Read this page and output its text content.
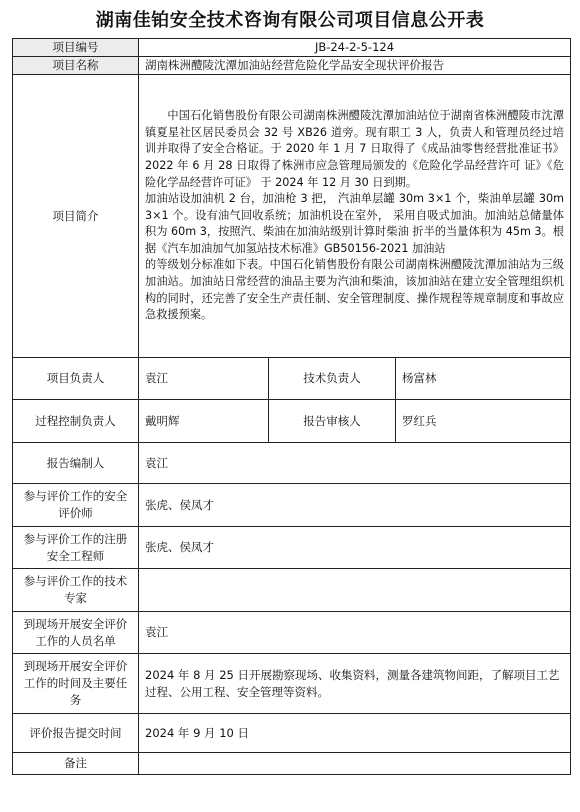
湖南佳铂安全技术咨询有限公司项目信息公开表
项目编号	JB-24-2-5-124		
项目名称	湖南株洲醴陵沈潭加油站经营危险化学品安全现状评价报告		
项目简介	中国石化销售股份有限公司湖南株洲醴陵沈潭加油站位于湖南省株洲醴陵市沈潭镇夏星社区居民委员会 32 号 XB26 道旁。现有职工 3 人，负责人和管理员经过培训并取得了安全合格证。于 2020 年 1 月 7 日取得了《成品油零售经营批准证书》2022 年 6 月 28 日取得了株洲市应急管理局颁发的《危险化学品经营许可 证》《危险化学品经营许可证》 于 2024 年 12 月 30 日到期。

加油站设加油机 2 台，加油枪 3 把， 汽油单层罐 30m 3×1 个，柴油单层罐 30m 3×1 个。设有油气回收系统；加油机设在室外， 采用自吸式加油。加油站总储量体积为 60m 3，按照汽、柴油在加油站级别计算时柴油 折半的当量体积为 45m 3。根据《汽车加油加气加氢站技术标准》GB50156-2021 加油站

的等级划分标准如下表。中国石化销售股份有限公司湖南株洲醴陵沈潭加油站为三级 加油站。加油站日常经营的油品主要为汽油和柴油，该加油站在建立安全管理组织机 构的同时，还完善了安全生产责任制、安全管理制度、操作规程等规章制度和事故应急救援预案。		

项目负责人	袁江	技术负责人	杨富林
过程控制负责人	戴明辉	报告审核人	罗红兵
报告编制人	袁江		
参与评价工作的安全评价师	张虎、侯凤才		
参与评价工作的注册安全工程师	张虎、侯凤才		
参与评价工作的技术专家			
到现场开展安全评价工作的人员名单	袁江		
到现场开展安全评价工作的时间及主要任务	2024 年 8 月 25 日开展勘察现场、收集资料，测量各建筑物间距，了解项目工艺过程、公用工程、安全管理等资料。		
评价报告提交时间	2024 年 9 月 10 日		
备注			
